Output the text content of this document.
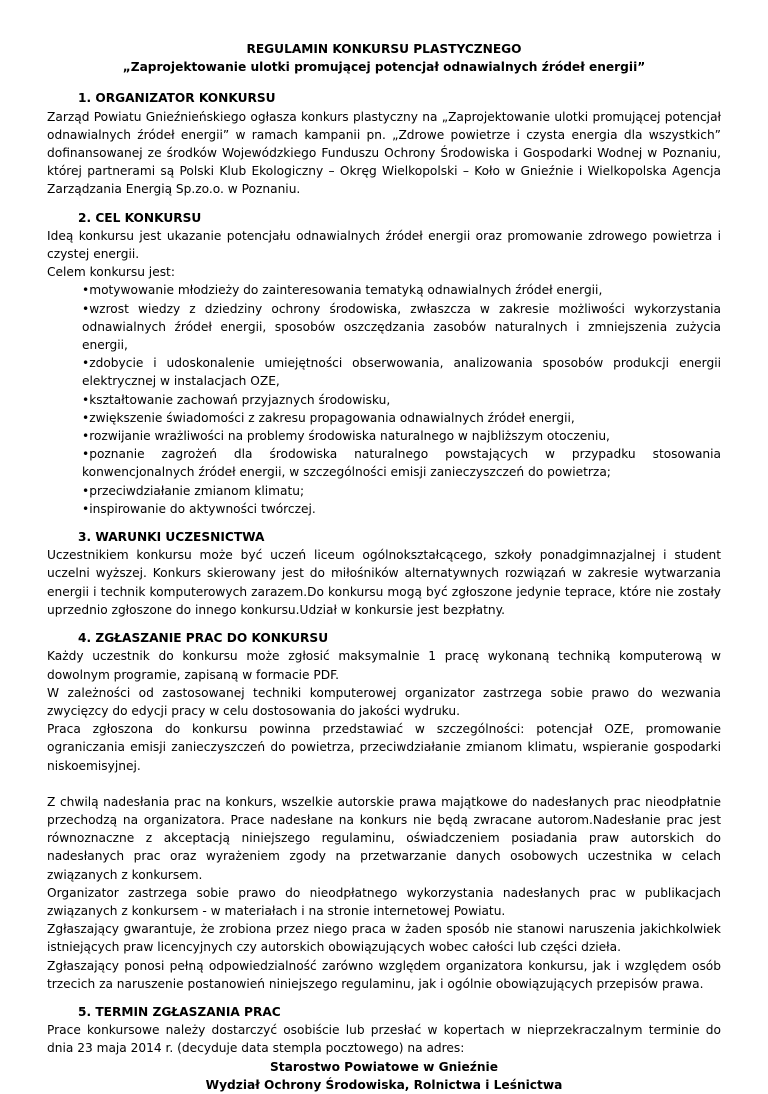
REGULAMIN KONKURSU PLASTYCZNEGO

„Zaprojektowanie ulotki promującej potencjał odnawialnych źródeł energii”

1. ORGANIZATOR KONKURSU

Zarząd Powiatu Gnieźnieńskiego ogłasza konkurs plastyczny na „Zaprojektowanie ulotki promującej potencjał odnawialnych źródeł energii” w ramach kampanii pn. „Zdrowe powietrze i czysta energia dla wszystkich” dofinansowanej ze środków Wojewódzkiego Funduszu Ochrony Środowiska i Gospodarki Wodnej w Poznaniu, której partnerami są Polski Klub Ekologiczny – Okręg Wielkopolski – Koło w Gnieźnie i Wielkopolska Agencja Zarządzania Energią Sp.zo.o. w Poznaniu.

2. CEL KONKURSU

Ideą konkursu jest ukazanie potencjału odnawialnych źródeł energii oraz promowanie zdrowego powietrza i czystej energii.

Celem konkursu jest:

•motywowanie młodzieży do zainteresowania tematyką odnawialnych źródeł energii,
•wzrost wiedzy z dziedziny ochrony środowiska, zwłaszcza w zakresie możliwości wykorzystania odnawialnych źródeł energii, sposobów oszczędzania zasobów naturalnych i zmniejszenia zużycia energii,
•zdobycie i udoskonalenie umiejętności obserwowania, analizowania sposobów produkcji energii elektrycznej w instalacjach OZE,
•kształtowanie zachowań przyjaznych środowisku,
•zwiększenie świadomości z zakresu propagowania odnawialnych źródeł energii,
•rozwijanie wrażliwości na problemy środowiska naturalnego w najbliższym otoczeniu,
•poznanie zagrożeń dla środowiska naturalnego powstających w przypadku stosowania konwencjonalnych źródeł energii, w szczególności emisji zanieczyszczeń do powietrza;
•przeciwdziałanie zmianom klimatu;
•inspirowanie do aktywności twórczej.

3. WARUNKI UCZESNICTWA

Uczestnikiem konkursu może być uczeń liceum ogólnokształcącego, szkoły ponadgimnazjalnej i student uczelni wyższej. Konkurs skierowany jest do miłośników alternatywnych rozwiązań w zakresie wytwarzania energii i technik komputerowych zarazem.Do konkursu mogą być zgłoszone jedynie teprace, które nie zostały uprzednio zgłoszone do innego konkursu.Udział w konkursie jest bezpłatny.

4. ZGŁASZANIE PRAC DO KONKURSU

Każdy uczestnik do konkursu może zgłosić maksymalnie 1 pracę wykonaną techniką komputerową w dowolnym programie, zapisaną w formacie PDF.

W zależności od zastosowanej techniki komputerowej organizator zastrzega sobie prawo do wezwania zwycięzcy do edycji pracy w celu dostosowania do jakości wydruku.

Praca zgłoszona do konkursu powinna przedstawiać w szczególności: potencjał OZE, promowanie ograniczania emisji zanieczyszczeń do powietrza, przeciwdziałanie zmianom klimatu, wspieranie gospodarki niskoemisyjnej.

Z chwilą nadesłania prac na konkurs, wszelkie autorskie prawa majątkowe do nadesłanych prac nieodpłatnie przechodzą na organizatora. Prace nadesłane na konkurs nie będą zwracane autorom.Nadesłanie prac jest równoznaczne z akceptacją niniejszego regulaminu, oświadczeniem posiadania praw autorskich do nadesłanych prac oraz wyrażeniem zgody na przetwarzanie danych osobowych uczestnika w celach związanych z konkursem.

Organizator zastrzega sobie prawo do nieodpłatnego wykorzystania nadesłanych prac w publikacjach związanych z konkursem - w materiałach i na stronie internetowej Powiatu.

Zgłaszający gwarantuje, że zrobiona przez niego praca w żaden sposób nie stanowi naruszenia jakichkolwiek istniejących praw licencyjnych czy autorskich obowiązujących wobec całości lub części dzieła.

Zgłaszający ponosi pełną odpowiedzialność zarówno względem organizatora konkursu, jak i względem osób trzecich za naruszenie postanowień niniejszego regulaminu, jak i ogólnie obowiązujących przepisów prawa.

5. TERMIN ZGŁASZANIA PRAC

Prace konkursowe należy dostarczyć osobiście lub przesłać w kopertach w nieprzekraczalnym terminie do dnia 23 maja 2014 r. (decyduje data stempla pocztowego) na adres:

Starostwo Powiatowe w Gnieźnie

Wydział Ochrony Środowiska, Rolnictwa i Leśnictwa
